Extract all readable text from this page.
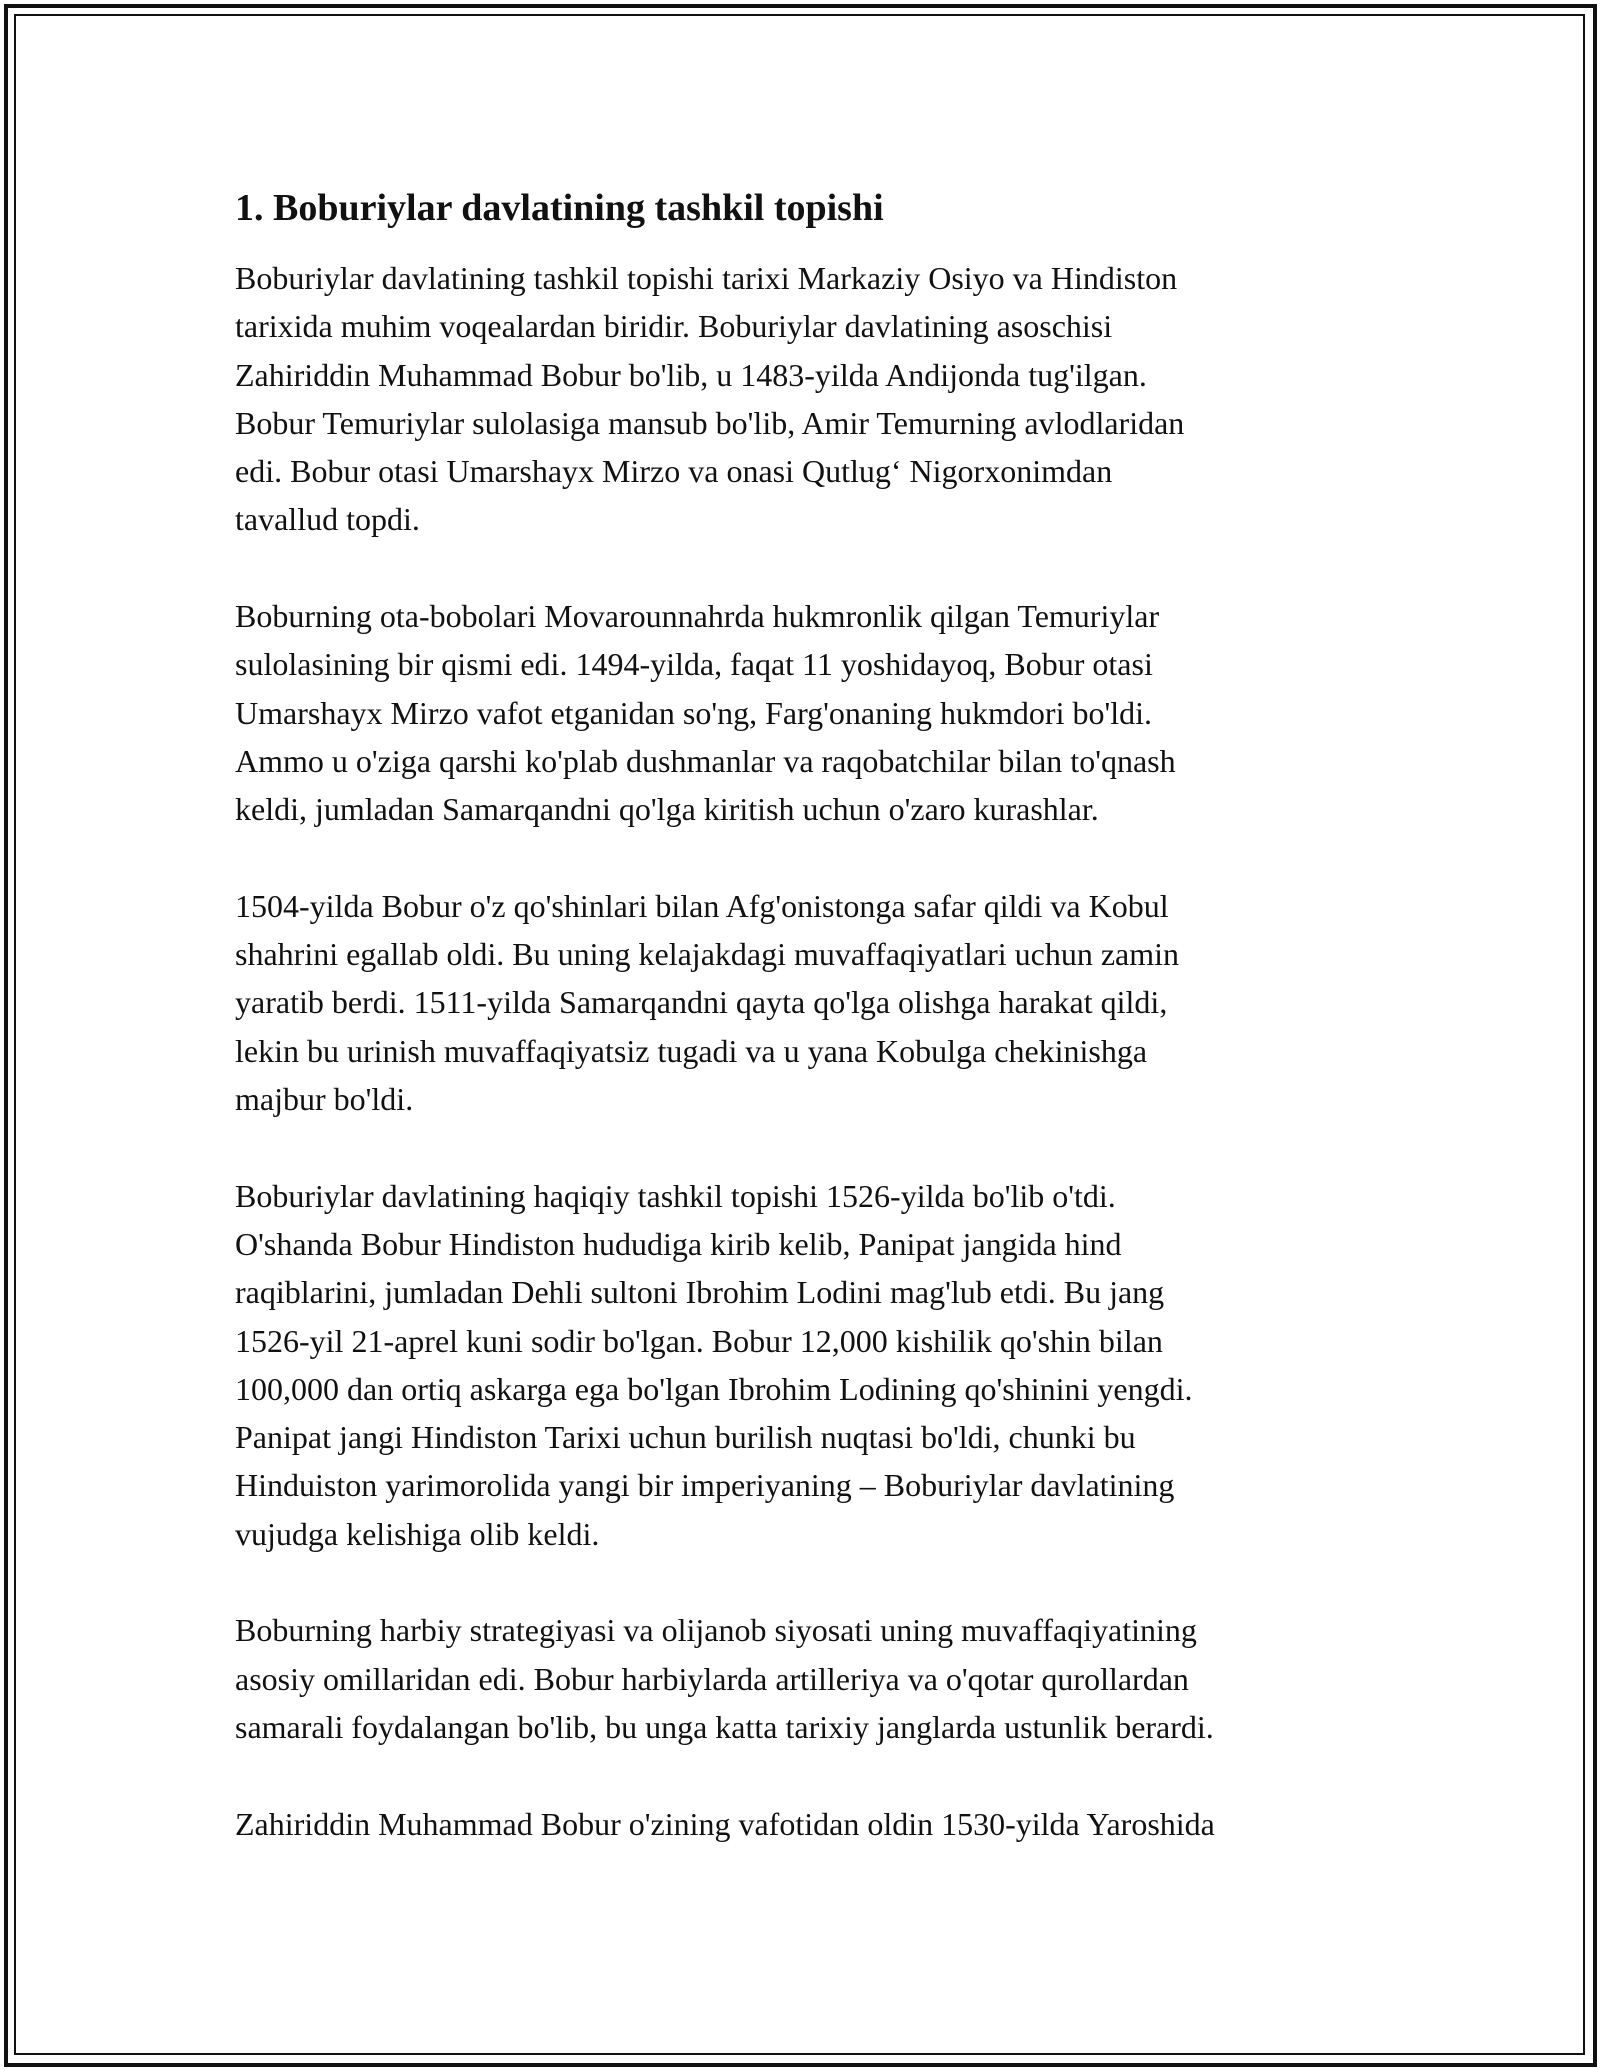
1. Boburiylar davlatining tashkil topishi

Boburiylar davlatining tashkil topishi tarixi Markaziy Osiyo va Hindiston
tarixida muhim voqealardan biridir. Boburiylar davlatining asoschisi
Zahiriddin Muhammad Bobur bo'lib, u 1483-yilda Andijonda tug'ilgan.
Bobur Temuriylar sulolasiga mansub bo'lib, Amir Temurning avlodlaridan
edi. Bobur otasi Umarshayx Mirzo va onasi Qutlug‘ Nigorxonimdan
tavallud topdi.

Boburning ota-bobolari Movarounnahrda hukmronlik qilgan Temuriylar
sulolasining bir qismi edi. 1494-yilda, faqat 11 yoshidayoq, Bobur otasi
Umarshayx Mirzo vafot etganidan so'ng, Farg'onaning hukmdori bo'ldi.
Ammo u o'ziga qarshi ko'plab dushmanlar va raqobatchilar bilan to'qnash
keldi, jumladan Samarqandni qo'lga kiritish uchun o'zaro kurashlar.

1504-yilda Bobur o'z qo'shinlari bilan Afg'onistonga safar qildi va Kobul
shahrini egallab oldi. Bu uning kelajakdagi muvaffaqiyatlari uchun zamin
yaratib berdi. 1511-yilda Samarqandni qayta qo'lga olishga harakat qildi,
lekin bu urinish muvaffaqiyatsiz tugadi va u yana Kobulga chekinishga
majbur bo'ldi.

Boburiylar davlatining haqiqiy tashkil topishi 1526-yilda bo'lib o'tdi.
O'shanda Bobur Hindiston hududiga kirib kelib, Panipat jangida hind
raqiblarini, jumladan Dehli sultoni Ibrohim Lodini mag'lub etdi. Bu jang
1526-yil 21-aprel kuni sodir bo'lgan. Bobur 12,000 kishilik qo'shin bilan
100,000 dan ortiq askarga ega bo'lgan Ibrohim Lodining qo'shinini yengdi.
Panipat jangi Hindiston Tarixi uchun burilish nuqtasi bo'ldi, chunki bu
Hinduiston yarimorolida yangi bir imperiyaning – Boburiylar davlatining
vujudga kelishiga olib keldi.

Boburning harbiy strategiyasi va olijanob siyosati uning muvaffaqiyatining
asosiy omillaridan edi. Bobur harbiylarda artilleriya va o'qotar qurollardan
samarali foydalangan bo'lib, bu unga katta tarixiy janglarda ustunlik berardi.

Zahiriddin Muhammad Bobur o'zining vafotidan oldin 1530-yilda Yaroshida
